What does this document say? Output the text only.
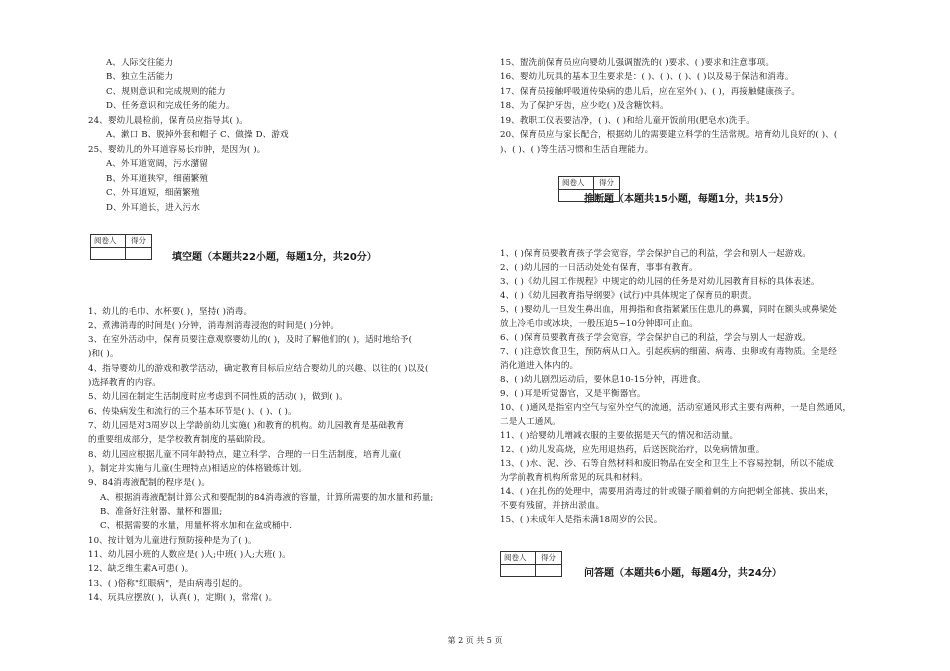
A、人际交往能力
B、独立生活能力
C、规则意识和完成规则的能力
D、任务意识和完成任务的能力。
24、婴幼儿晨检前，保育员应指导其( )。
A、漱口 B、脱掉外套和帽子 C、做操 D、游戏
25、婴幼儿的外耳道容易长疖肿，是因为( )。
A、外耳道宽阔，污水潴留
B、外耳道狭窄，细菌繁殖
C、外耳道短，细菌繁殖
D、外耳道长，进入污水
阅卷人 得分
填空题（本题共22小题，每题1分，共20分）
1、幼儿的毛巾、水杯要( )，坚持( )消毒。
2、煮沸消毒的时间是( )分钟，消毒剂消毒浸泡的时间是( )分钟。
3、在室外活动中，保育员要注意观察婴幼儿的( )，及时了解他们的( )，适时地给予(
)和( )。
4、指导婴幼儿的游戏和教学活动，确定教育目标后应结合婴幼儿的兴趣、以往的( )以及(
)选择教育的内容。
5、幼儿园在制定生活制度时应考虑到不同性质的活动( )，做到( )。
6、传染病发生和流行的三个基本环节是( )、( )、( )。
7、幼儿园是对3周岁以上学龄前幼儿实施( )和教育的机构。幼儿园教育是基础教育
的重要组成部分，是学校教育制度的基础阶段。
8、幼儿园应根据儿童不同年龄特点，建立科学、合理的一日生活制度，培育儿童(
)，制定并实施与儿童(生理特点)相适应的体格锻炼计划。
9、84消毒液配制的程序是( )。
A、根据消毒液配制计算公式和要配制的84消毒液的容量，计算所需要的加水量和药量;
B、准备好注射器、量杯和器皿;
C、根据需要的水量，用量杯将水加和在盆或桶中.
10、按计划为儿童进行预防接种是为了( )。
11、幼儿园小班的人数应是( )人;中班( )人;大班( )。
12、缺乏维生素A可患( )。
13、( )俗称"红眼病"，是由病毒引起的。
14、玩具应摆放( )，认真( )，定期( )，常常( )。
15、盥洗前保育员应向婴幼儿强调盥洗的( )要求、( )要求和注意事项。
16、婴幼儿玩具的基本卫生要求是：( )、( )、( )、( )以及易于保洁和消毒。
17、保育员接触呼吸道传染病的患儿后，应在室外( )、( )，再接触健康孩子。
18、为了保护牙齿，应少吃( )及含糖饮料。
19、教职工仪表要洁净，( )、( )和给儿童开饭前用(肥皂水)洗手。
20、保育员应与家长配合，根据幼儿的需要建立科学的生活常规。培育幼儿良好的( )、(
)、( )、( )等生活习惯和生活自理能力。
阅卷人 得分
推断题（本题共15小题，每题1分，共15分）
1、( )保育员要教育孩子学会宽容，学会保护自己的利益，学会和别人一起游戏。
2、( )幼儿园的一日活动处处有保育，事事有教育。
3、( )《幼儿园工作规程》中规定的幼儿园的任务是对幼儿园教育目标的具体表述。
4、( )《幼儿园教育指导纲要》(试行)中具体规定了保育员的职责。
5、( )婴幼儿一旦发生鼻出血，用拇指和食指紧紧压住患儿的鼻翼，同时在额头或鼻梁处
放上冷毛巾或冰块，一般压迫5~10分钟即可止血。
6、( )保育员要教育孩子学会宽容，学会保护自己的利益，学会与别人一起游戏。
7、( )注意饮食卫生，预防病从口入。引起疾病的细菌、病毒、虫卵或有毒物质。全是经
消化道进入体内的。
8、( )幼儿剧烈运动后，要休息10-15分钟，再进食。
9、( )耳是听觉器官，又是平衡器官。
10、( )通风是指室内空气与室外空气的流通，活动室通风形式主要有两种，一是自然通风，
二是人工通风。
11、( )给婴幼儿增减衣服的主要依据是天气的情况和活动量。
12、( )幼儿发高烧，应先用退热药，后送医院治疗，以免病情加重。
13、( )水、泥、沙、石等自然材料和废旧物品在安全和卫生上不容易控制，所以不能成
为学前教育机构所常见的玩具和材料。
14、( )在扎伤的处理中，需要用消毒过的针或镊子顺着刺的方向把刺全部挑、拔出来，
不要有残留，并挤出淤血。
15、( )未成年人是指未满18周岁的公民。
阅卷人 得分
问答题（本题共6小题，每题4分，共24分）
第 2 页 共 5 页
